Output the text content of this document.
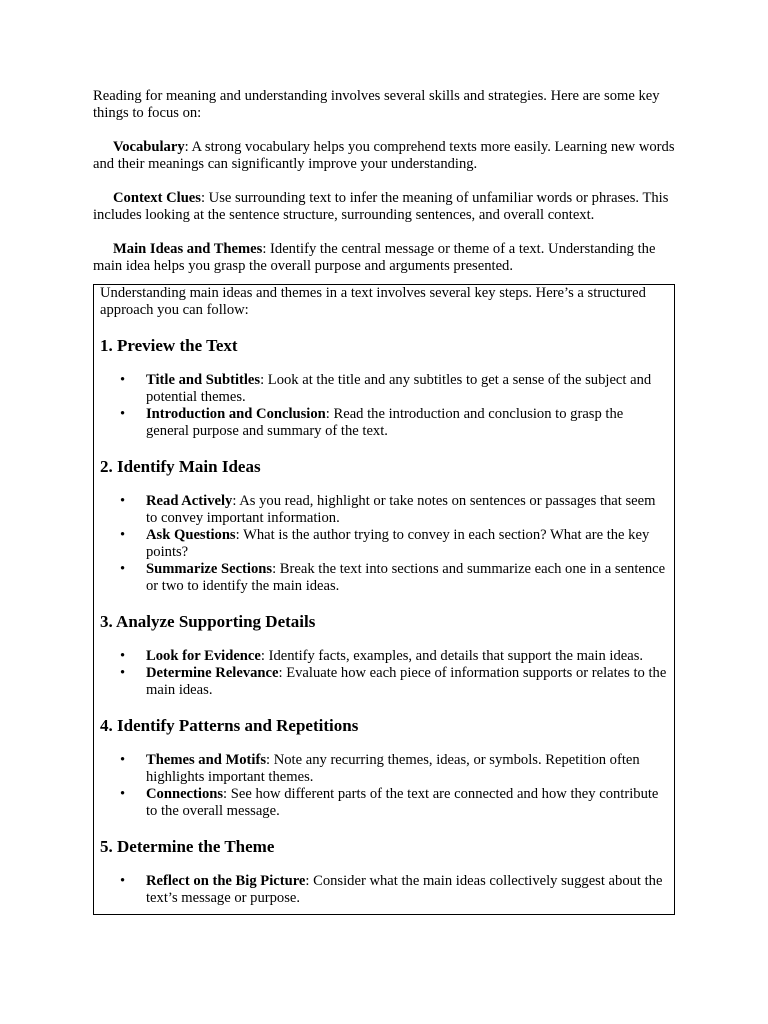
Reading for meaning and understanding involves several skills and strategies. Here are some key things to focus on:

Vocabulary: A strong vocabulary helps you comprehend texts more easily. Learning new words and their meanings can significantly improve your understanding.

Context Clues: Use surrounding text to infer the meaning of unfamiliar words or phrases. This includes looking at the sentence structure, surrounding sentences, and overall context.

Main Ideas and Themes: Identify the central message or theme of a text. Understanding the main idea helps you grasp the overall purpose and arguments presented.

Understanding main ideas and themes in a text involves several key steps. Here’s a structured approach you can follow:

1. Preview the Text
• Title and Subtitles: Look at the title and any subtitles to get a sense of the subject and potential themes.
• Introduction and Conclusion: Read the introduction and conclusion to grasp the general purpose and summary of the text.
2. Identify Main Ideas
• Read Actively: As you read, highlight or take notes on sentences or passages that seem to convey important information.
• Ask Questions: What is the author trying to convey in each section? What are the key points?
• Summarize Sections: Break the text into sections and summarize each one in a sentence or two to identify the main ideas.
3. Analyze Supporting Details
• Look for Evidence: Identify facts, examples, and details that support the main ideas.
• Determine Relevance: Evaluate how each piece of information supports or relates to the main ideas.
4. Identify Patterns and Repetitions
• Themes and Motifs: Note any recurring themes, ideas, or symbols. Repetition often highlights important themes.
• Connections: See how different parts of the text are connected and how they contribute to the overall message.
5. Determine the Theme
• Reflect on the Big Picture: Consider what the main ideas collectively suggest about the text’s message or purpose.
